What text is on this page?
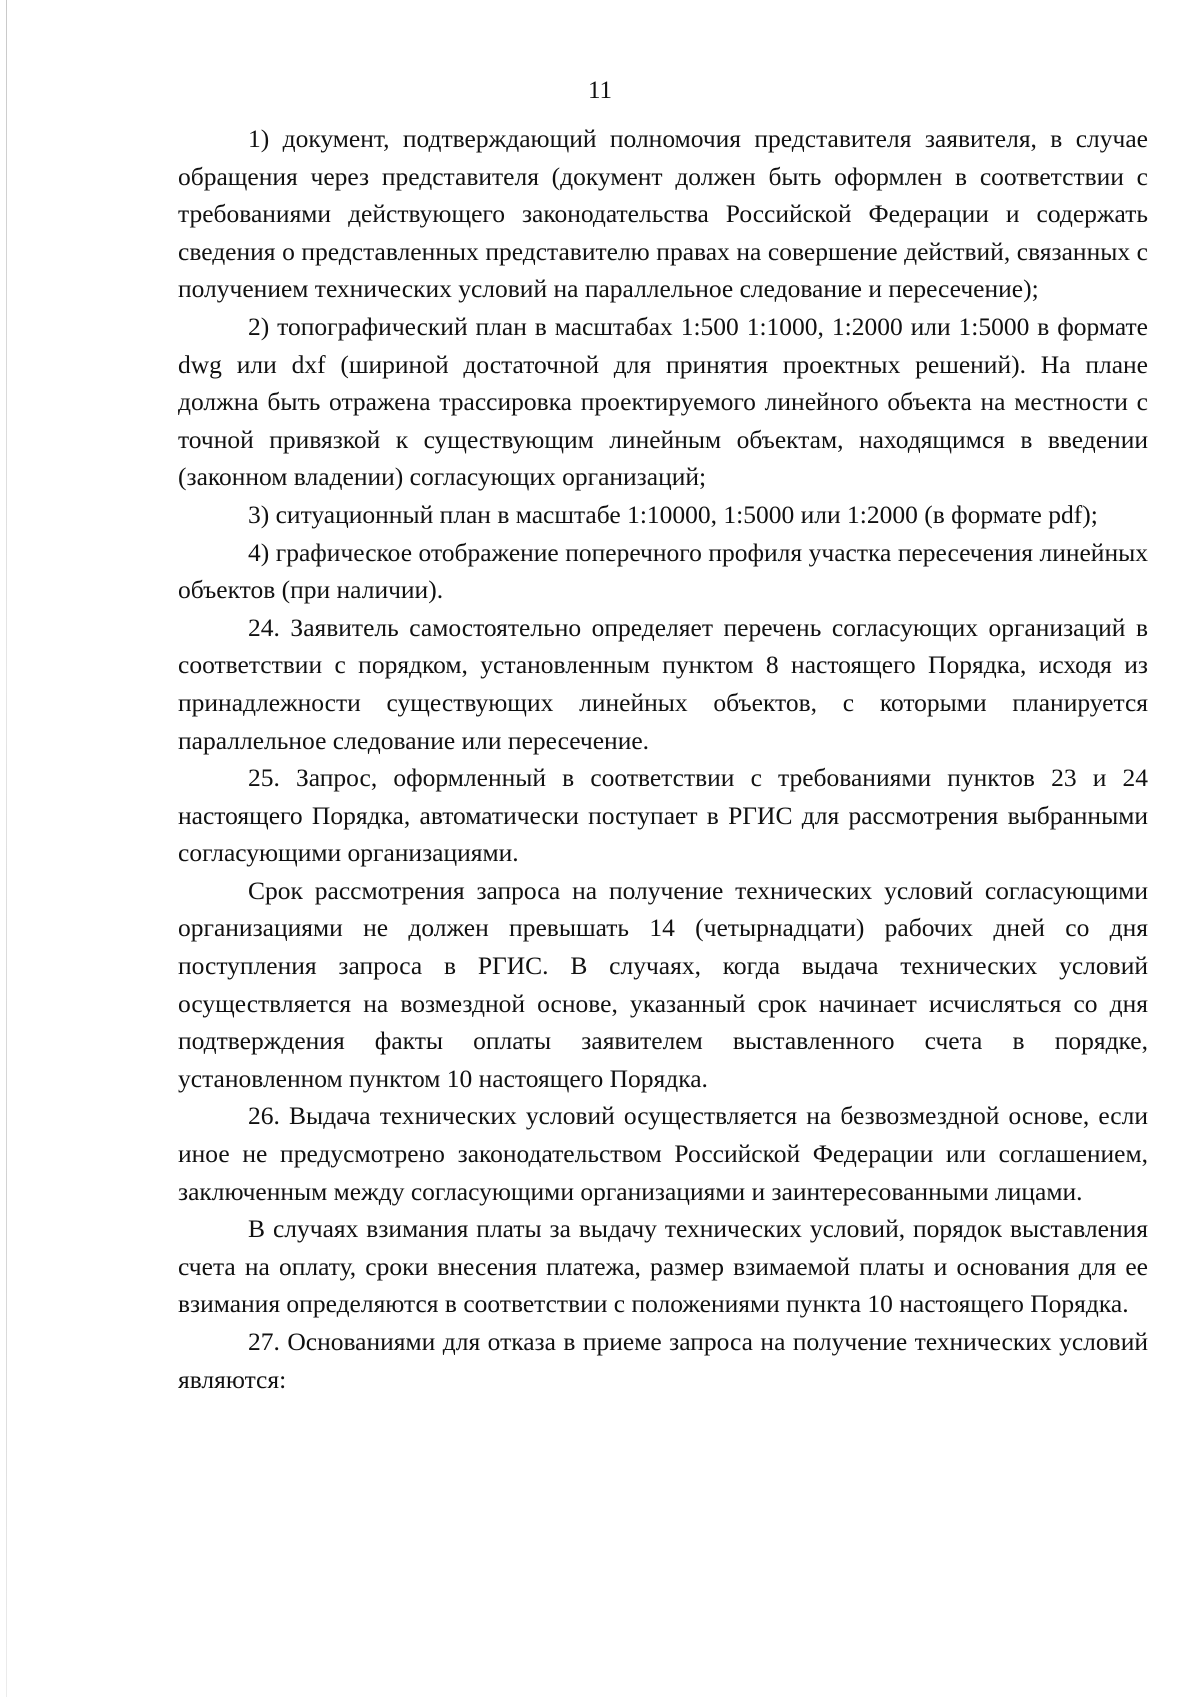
11

1) документ, подтверждающий полномочия представителя заявителя, в случае обращения через представителя (документ должен быть оформлен в соответствии с требованиями действующего законодательства Российской Федерации и содержать сведения о представленных представителю правах на совершение действий, связанных с получением технических условий на параллельное следование и пересечение);

2) топографический план в масштабах 1:500 1:1000, 1:2000 или 1:5000 в формате dwg или dxf (шириной достаточной для принятия проектных решений). На плане должна быть отражена трассировка проектируемого линейного объекта на местности с точной привязкой к существующим линейным объектам, находящимся в введении (законном владении) согласующих организаций;

3) ситуационный план в масштабе 1:10000, 1:5000 или 1:2000 (в формате pdf);

4) графическое отображение поперечного профиля участка пересечения линейных объектов (при наличии).

24. Заявитель самостоятельно определяет перечень согласующих организаций в соответствии с порядком, установленным пунктом 8 настоящего Порядка, исходя из принадлежности существующих линейных объектов, с которыми планируется параллельное следование или пересечение.

25. Запрос, оформленный в соответствии с требованиями пунктов 23 и 24 настоящего Порядка, автоматически поступает в РГИС для рассмотрения выбранными согласующими организациями.

Срок рассмотрения запроса на получение технических условий согласующими организациями не должен превышать 14 (четырнадцати) рабочих дней со дня поступления запроса в РГИС. В случаях, когда выдача технических условий осуществляется на возмездной основе, указанный срок начинает исчисляться со дня подтверждения факты оплаты заявителем выставленного счета в порядке, установленном пунктом 10 настоящего Порядка.

26. Выдача технических условий осуществляется на безвозмездной основе, если иное не предусмотрено законодательством Российской Федерации или соглашением, заключенным между согласующими организациями и заинтересованными лицами.

В случаях взимания платы за выдачу технических условий, порядок выставления счета на оплату, сроки внесения платежа, размер взимаемой платы и основания для ее взимания определяются в соответствии с положениями пункта 10 настоящего Порядка.

27. Основаниями для отказа в приеме запроса на получение технических условий являются:
